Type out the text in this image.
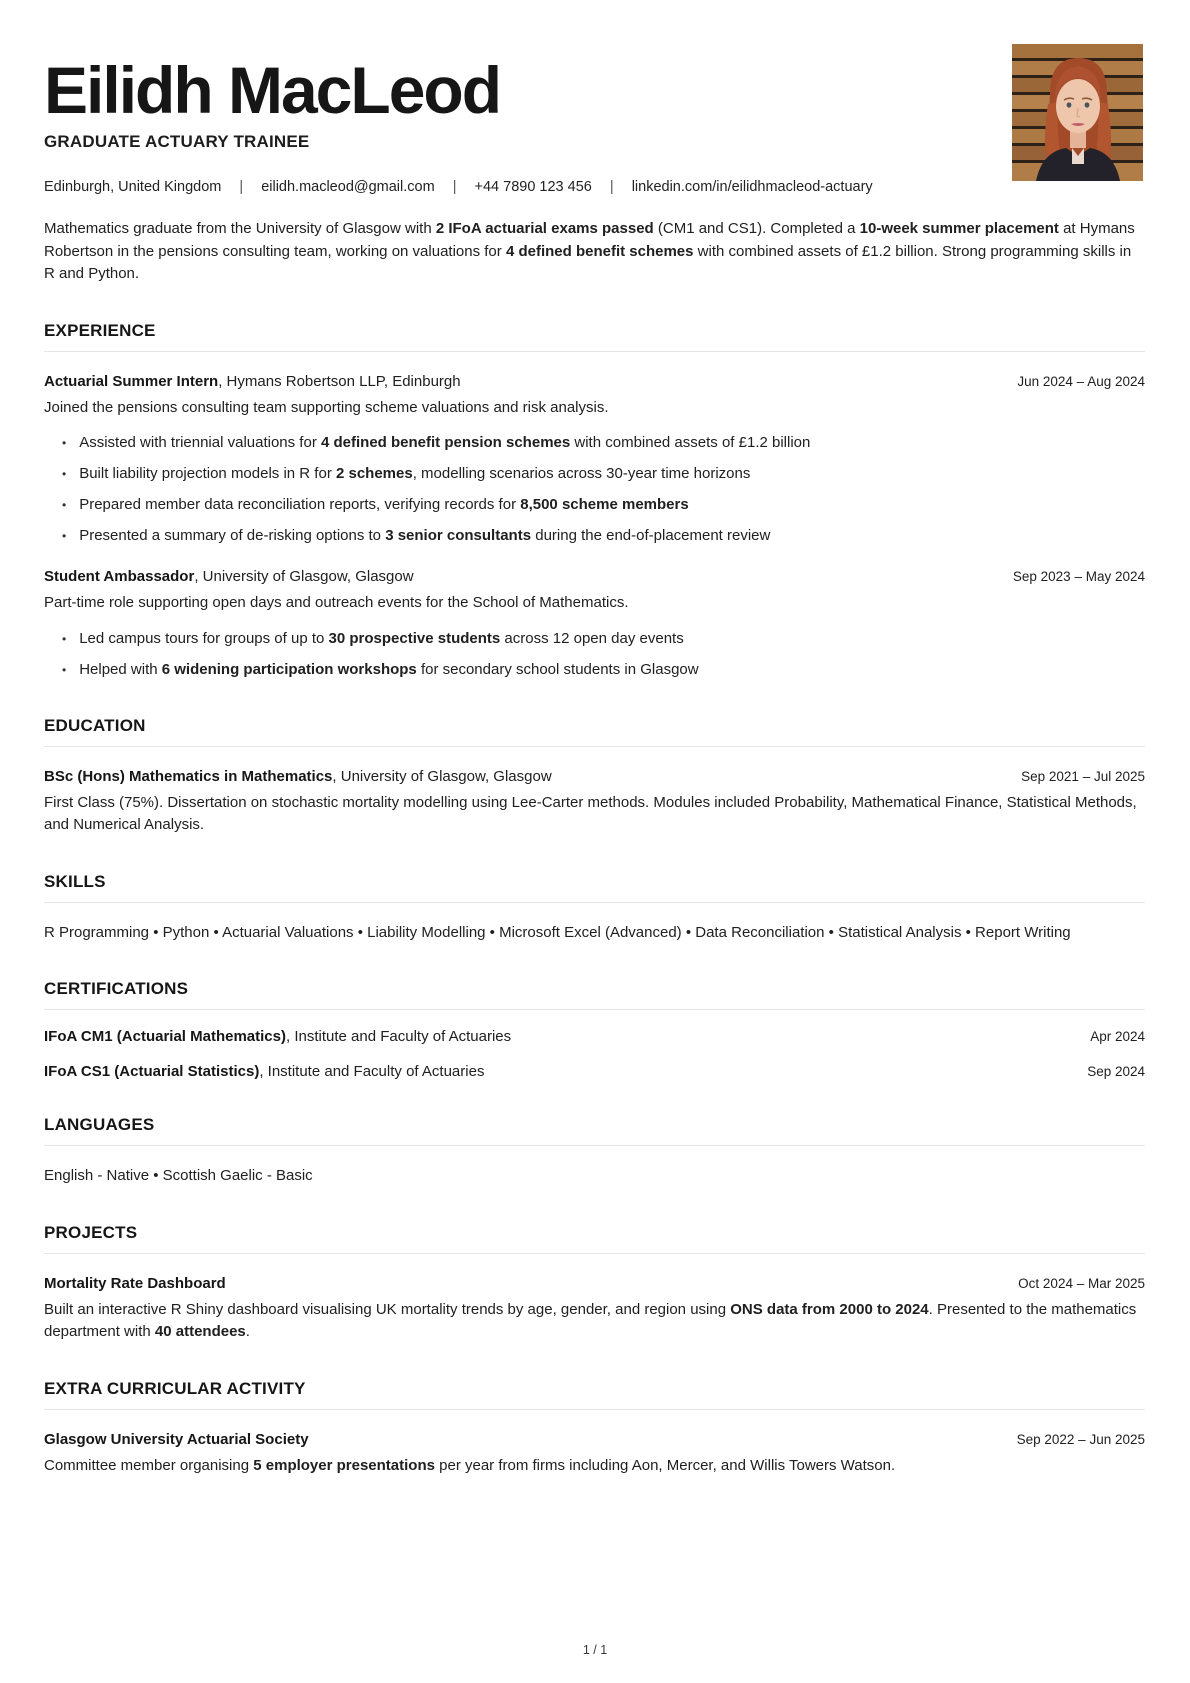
Eilidh MacLeod
GRADUATE ACTUARY TRAINEE
Edinburgh, United Kingdom | eilidh.macleod@gmail.com | +44 7890 123 456 | linkedin.com/in/eilidhmacleod-actuary

Mathematics graduate from the University of Glasgow with 2 IFoA actuarial exams passed (CM1 and CS1). Completed a 10-week summer placement at Hymans Robertson in the pensions consulting team, working on valuations for 4 defined benefit schemes with combined assets of £1.2 billion. Strong programming skills in R and Python.

EXPERIENCE
Actuarial Summer Intern, Hymans Robertson LLP, Edinburgh	Jun 2024 – Aug 2024

Joined the pensions consulting team supporting scheme valuations and risk analysis.

• Assisted with triennial valuations for 4 defined benefit pension schemes with combined assets of £1.2 billion
• Built liability projection models in R for 2 schemes, modelling scenarios across 30-year time horizons
• Prepared member data reconciliation reports, verifying records for 8,500 scheme members
• Presented a summary of de-risking options to 3 senior consultants during the end-of-placement review
Student Ambassador, University of Glasgow, Glasgow	Sep 2023 – May 2024

Part-time role supporting open days and outreach events for the School of Mathematics.

• Led campus tours for groups of up to 30 prospective students across 12 open day events
• Helped with 6 widening participation workshops for secondary school students in Glasgow
EDUCATION
BSc (Hons) Mathematics in Mathematics, University of Glasgow, Glasgow	Sep 2021 – Jul 2025

First Class (75%). Dissertation on stochastic mortality modelling using Lee-Carter methods. Modules included Probability, Mathematical Finance, Statistical Methods, and Numerical Analysis.

SKILLS

R Programming • Python • Actuarial Valuations • Liability Modelling • Microsoft Excel (Advanced) • Data Reconciliation • Statistical Analysis • Report Writing

CERTIFICATIONS
IFoA CM1 (Actuarial Mathematics), Institute and Faculty of Actuaries	Apr 2024
IFoA CS1 (Actuarial Statistics), Institute and Faculty of Actuaries	Sep 2024
LANGUAGES

English - Native • Scottish Gaelic - Basic

PROJECTS
Mortality Rate Dashboard	Oct 2024 – Mar 2025

Built an interactive R Shiny dashboard visualising UK mortality trends by age, gender, and region using ONS data from 2000 to 2024. Presented to the mathematics department with 40 attendees.

EXTRA CURRICULAR ACTIVITY
Glasgow University Actuarial Society	Sep 2022 – Jun 2025

Committee member organising 5 employer presentations per year from firms including Aon, Mercer, and Willis Towers Watson.

1 / 1
